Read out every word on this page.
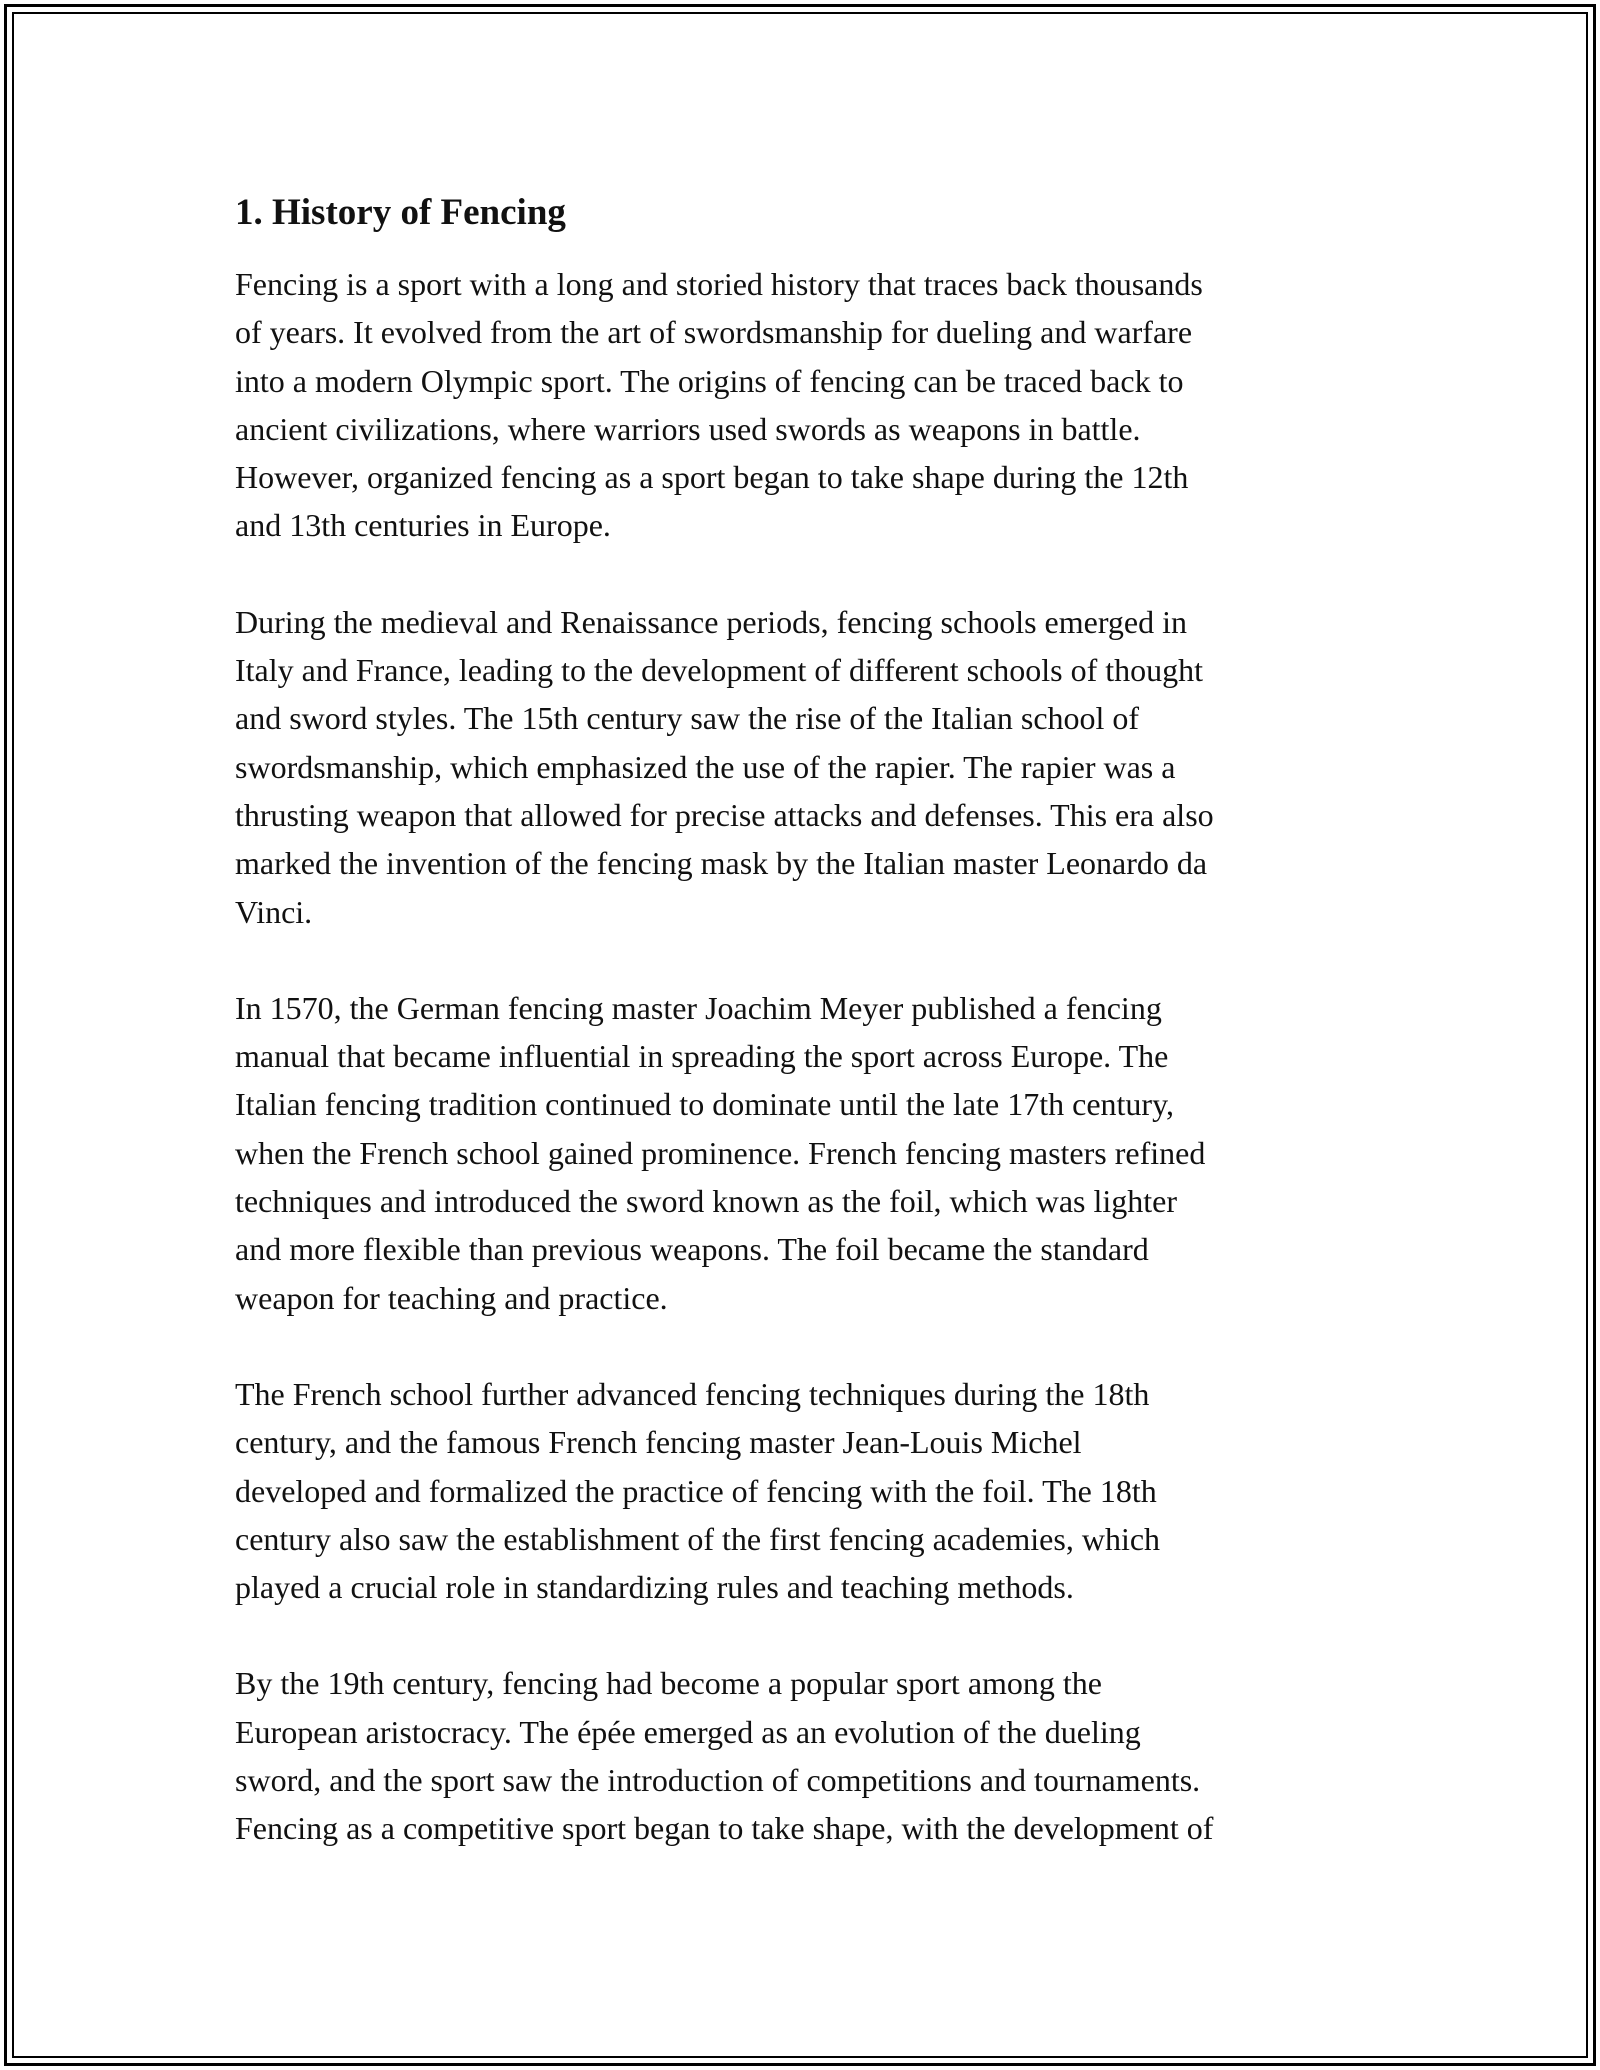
1. History of Fencing

Fencing is a sport with a long and storied history that traces back thousands
of years. It evolved from the art of swordsmanship for dueling and warfare
into a modern Olympic sport. The origins of fencing can be traced back to
ancient civilizations, where warriors used swords as weapons in battle.
However, organized fencing as a sport began to take shape during the 12th
and 13th centuries in Europe.

During the medieval and Renaissance periods, fencing schools emerged in
Italy and France, leading to the development of different schools of thought
and sword styles. The 15th century saw the rise of the Italian school of
swordsmanship, which emphasized the use of the rapier. The rapier was a
thrusting weapon that allowed for precise attacks and defenses. This era also
marked the invention of the fencing mask by the Italian master Leonardo da
Vinci.

In 1570, the German fencing master Joachim Meyer published a fencing
manual that became influential in spreading the sport across Europe. The
Italian fencing tradition continued to dominate until the late 17th century,
when the French school gained prominence. French fencing masters refined
techniques and introduced the sword known as the foil, which was lighter
and more flexible than previous weapons. The foil became the standard
weapon for teaching and practice.

The French school further advanced fencing techniques during the 18th
century, and the famous French fencing master Jean-Louis Michel
developed and formalized the practice of fencing with the foil. The 18th
century also saw the establishment of the first fencing academies, which
played a crucial role in standardizing rules and teaching methods.

By the 19th century, fencing had become a popular sport among the
European aristocracy. The épée emerged as an evolution of the dueling
sword, and the sport saw the introduction of competitions and tournaments.
Fencing as a competitive sport began to take shape, with the development of
